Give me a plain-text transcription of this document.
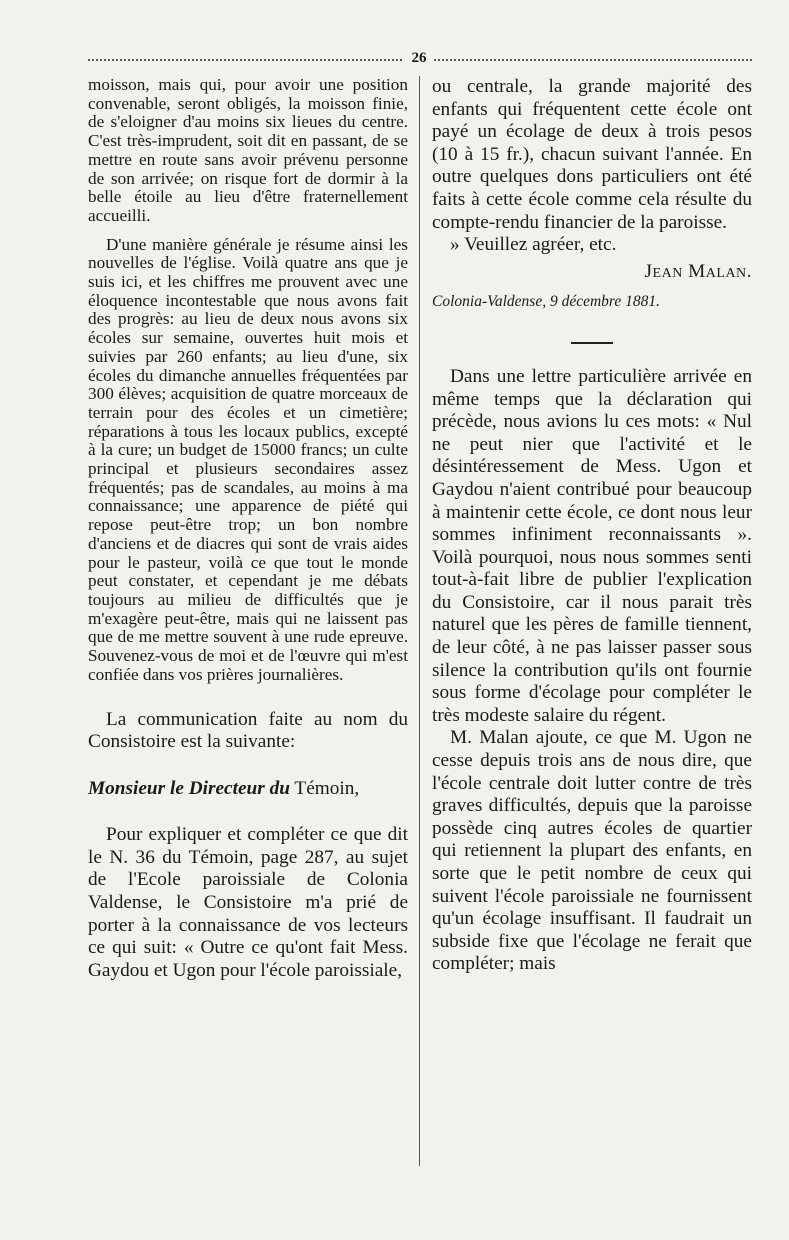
26

moisson, mais qui, pour avoir une position convenable, seront obligés, la moisson finie, de s'eloigner d'au moins six lieues du centre. C'est très-imprudent, soit dit en passant, de se mettre en route sans avoir prévenu personne de son arrivée; on risque fort de dormir à la belle étoile au lieu d'être fraternellement accueilli.

D'une manière générale je résume ainsi les nouvelles de l'église. Voilà quatre ans que je suis ici, et les chiffres me prouvent avec une éloquence incontestable que nous avons fait des progrès: au lieu de deux nous avons six écoles sur semaine, ouvertes huit mois et suivies par 260 enfants; au lieu d'une, six écoles du dimanche annuelles fréquentées par 300 élèves; acquisition de quatre morceaux de terrain pour des écoles et un cimetière; réparations à tous les locaux publics, excepté à la cure; un budget de 15000 francs; un culte principal et plusieurs secondaires assez fréquentés; pas de scandales, au moins à ma connaissance; une apparence de piété qui repose peut-être trop; un bon nombre d'anciens et de diacres qui sont de vrais aides pour le pasteur, voilà ce que tout le monde peut constater, et cependant je me débats toujours au milieu de difficultés que je m'exagère peut-être, mais qui ne laissent pas que de me mettre souvent à une rude epreuve. Souvenez-vous de moi et de l'œuvre qui m'est confiée dans vos prières journalières.

La communication faite au nom du Consistoire est la suivante:

Monsieur le Directeur du Témoin,

Pour expliquer et compléter ce que dit le N. 36 du Témoin, page 287, au sujet de l'Ecole paroissiale de Colonia Valdense, le Consistoire m'a prié de porter à la connaissance de vos lecteurs ce qui suit: « Outre ce qu'ont fait Mess. Gaydou et Ugon pour l'école paroissiale,

ou centrale, la grande majorité des enfants qui fréquentent cette école ont payé un écolage de deux à trois pesos (10 à 15 fr.), chacun suivant l'année. En outre quelques dons particuliers ont été faits à cette école comme cela résulte du compte-rendu financier de la paroisse.

» Veuillez agréer, etc.

Jean Malan.

Colonia-Valdense, 9 décembre 1881.

Dans une lettre particulière arrivée en même temps que la déclaration qui précède, nous avions lu ces mots: « Nul ne peut nier que l'activité et le désintéressement de Mess. Ugon et Gaydou n'aient contribué pour beaucoup à maintenir cette école, ce dont nous leur sommes infiniment reconnaissants ». Voilà pourquoi, nous nous sommes senti tout-à-fait libre de publier l'explication du Consistoire, car il nous parait très naturel que les pères de famille tiennent, de leur côté, à ne pas laisser passer sous silence la contribution qu'ils ont fournie sous forme d'écolage pour compléter le très modeste salaire du régent.

M. Malan ajoute, ce que M. Ugon ne cesse depuis trois ans de nous dire, que l'école centrale doit lutter contre de très graves difficultés, depuis que la paroisse possède cinq autres écoles de quartier qui retiennent la plupart des enfants, en sorte que le petit nombre de ceux qui suivent l'école paroissiale ne fournissent qu'un écolage insuffisant. Il faudrait un subside fixe que l'écolage ne ferait que compléter; mais
